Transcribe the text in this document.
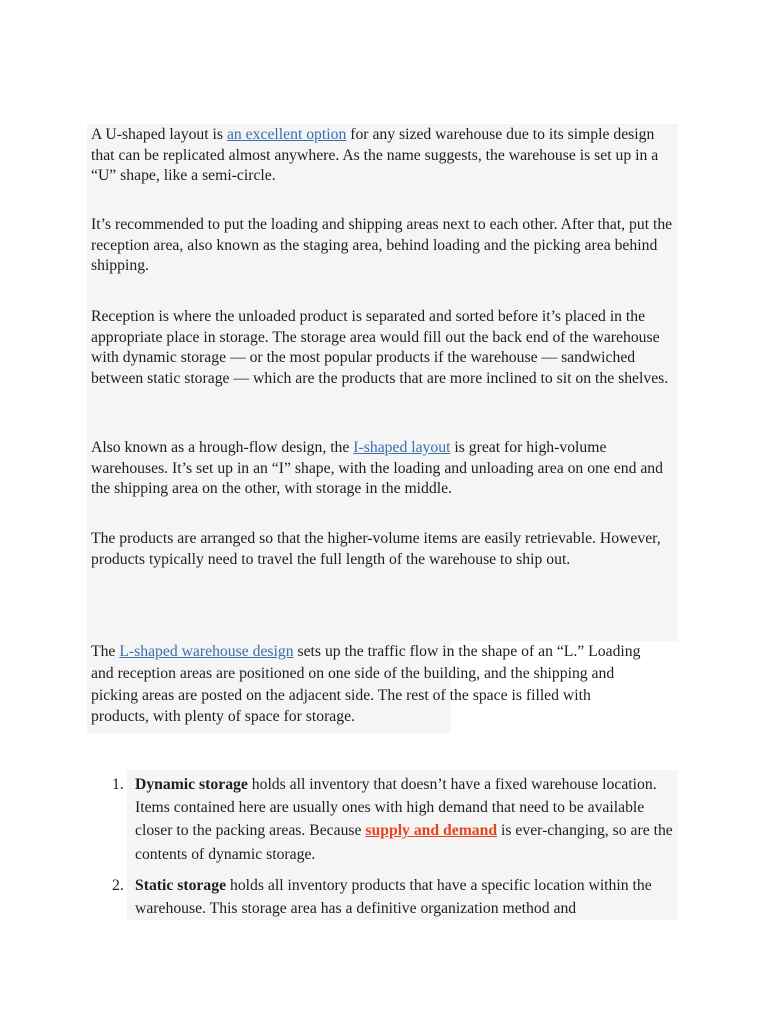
A U-shaped layout is an excellent option for any sized warehouse due to its simple design that can be replicated almost anywhere. As the name suggests, the warehouse is set up in a “U” shape, like a semi-circle.

It’s recommended to put the loading and shipping areas next to each other. After that, put the reception area, also known as the staging area, behind loading and the picking area behind shipping.

Reception is where the unloaded product is separated and sorted before it’s placed in the appropriate place in storage. The storage area would fill out the back end of the warehouse with dynamic storage — or the most popular products if the warehouse — sandwiched between static storage — which are the products that are more inclined to sit on the shelves.

Also known as a hrough-flow design, the I-shaped layout is great for high-volume warehouses. It’s set up in an “I” shape, with the loading and unloading area on one end and the shipping area on the other, with storage in the middle.

The products are arranged so that the higher-volume items are easily retrievable. However, products typically need to travel the full length of the warehouse to ship out.

The L-shaped warehouse design sets up the traffic flow in the shape of an “L.” Loading and reception areas are positioned on one side of the building, and the shipping and picking areas are posted on the adjacent side. The rest of the space is filled with products, with plenty of space for storage.

1. Dynamic storage holds all inventory that doesn’t have a fixed warehouse location. Items contained here are usually ones with high demand that need to be available closer to the packing areas. Because supply and demand is ever-changing, so are the contents of dynamic storage.
2. Static storage holds all inventory products that have a specific location within the warehouse. This storage area has a definitive organization method and
